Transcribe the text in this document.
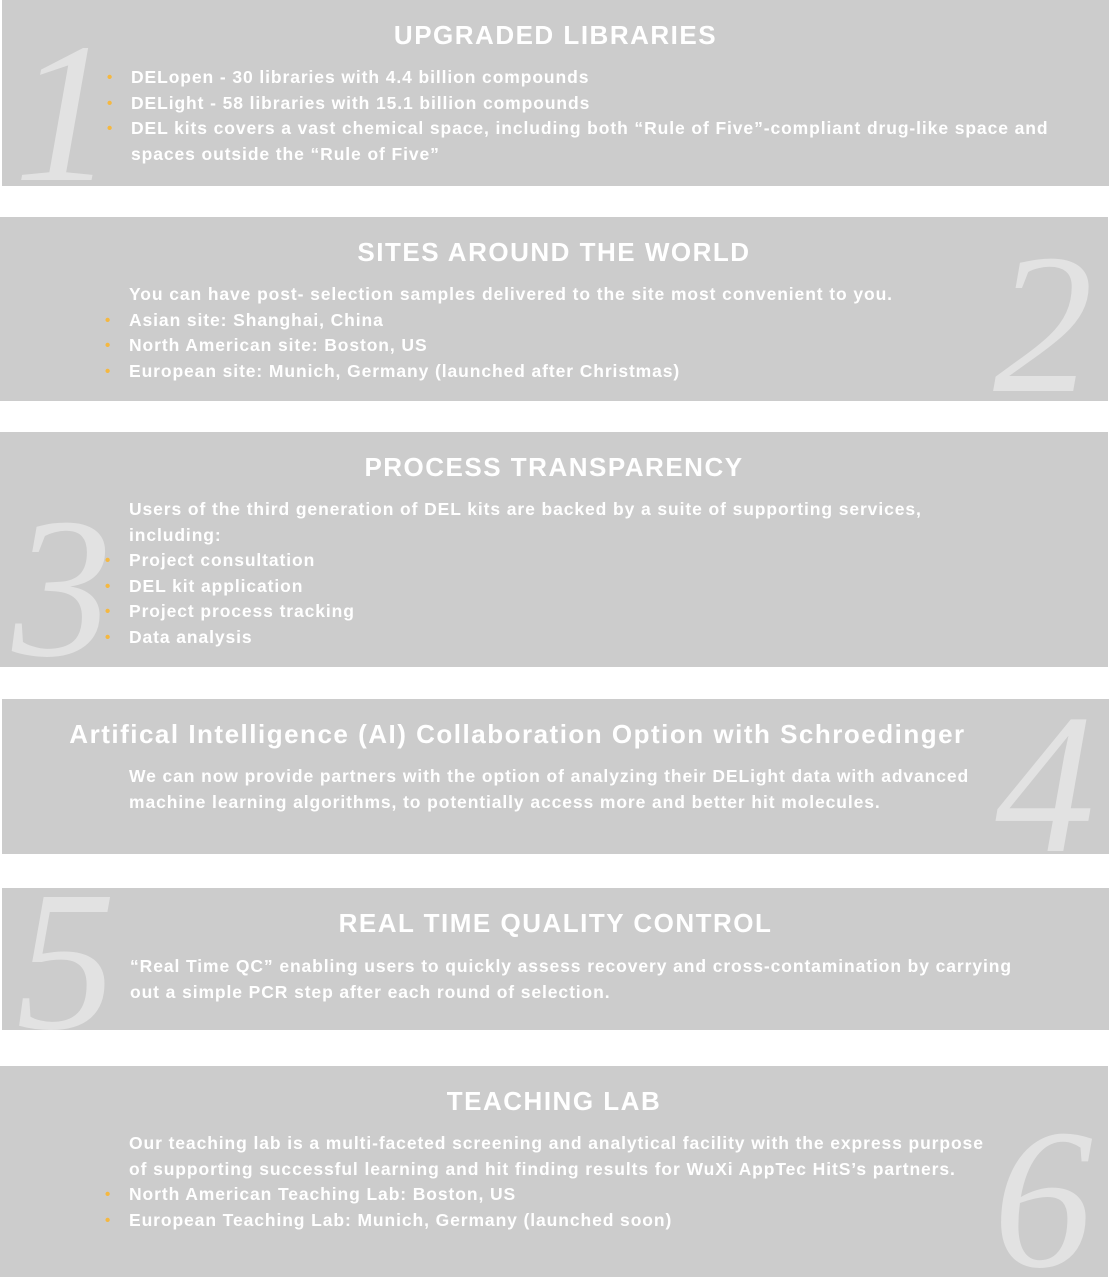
1	UPGRADED LIBRARIES
• DELopen - 30 libraries with 4.4 billion compounds
• DELight - 58 libraries with 15.1 billion compounds
• DEL kits covers a vast chemical space, including both “Rule of Five”-compliant drug-like space and spaces outside the “Rule of Five”
2
SITES AROUND THE WORLD

You can have post- selection samples delivered to the site most convenient to you.

• Asian site: Shanghai, China
• North American site: Boston, US
• European site: Munich, Germany (launched after Christmas)
3
PROCESS TRANSPARENCY

Users of the third generation of DEL kits are backed by a suite of supporting services, including:

• Project consultation
• DEL kit application
• Project process tracking
• Data analysis
4
Artifical Intelligence (AI) Collaboration Option with Schroedinger

We can now provide partners with the option of analyzing their DELight data with advanced machine learning algorithms, to potentially access more and better hit molecules.

5	REAL TIME QUALITY CONTROL

“Real Time QC” enabling users to quickly assess recovery and cross-contamination by carrying out a simple PCR step after each round of selection.

6
TEACHING LAB

Our teaching lab is a multi-faceted screening and analytical facility with the express purpose of supporting successful learning and hit finding results for WuXi AppTec HitS’s partners.

• North American Teaching Lab: Boston, US
• European Teaching Lab: Munich, Germany (launched soon)
